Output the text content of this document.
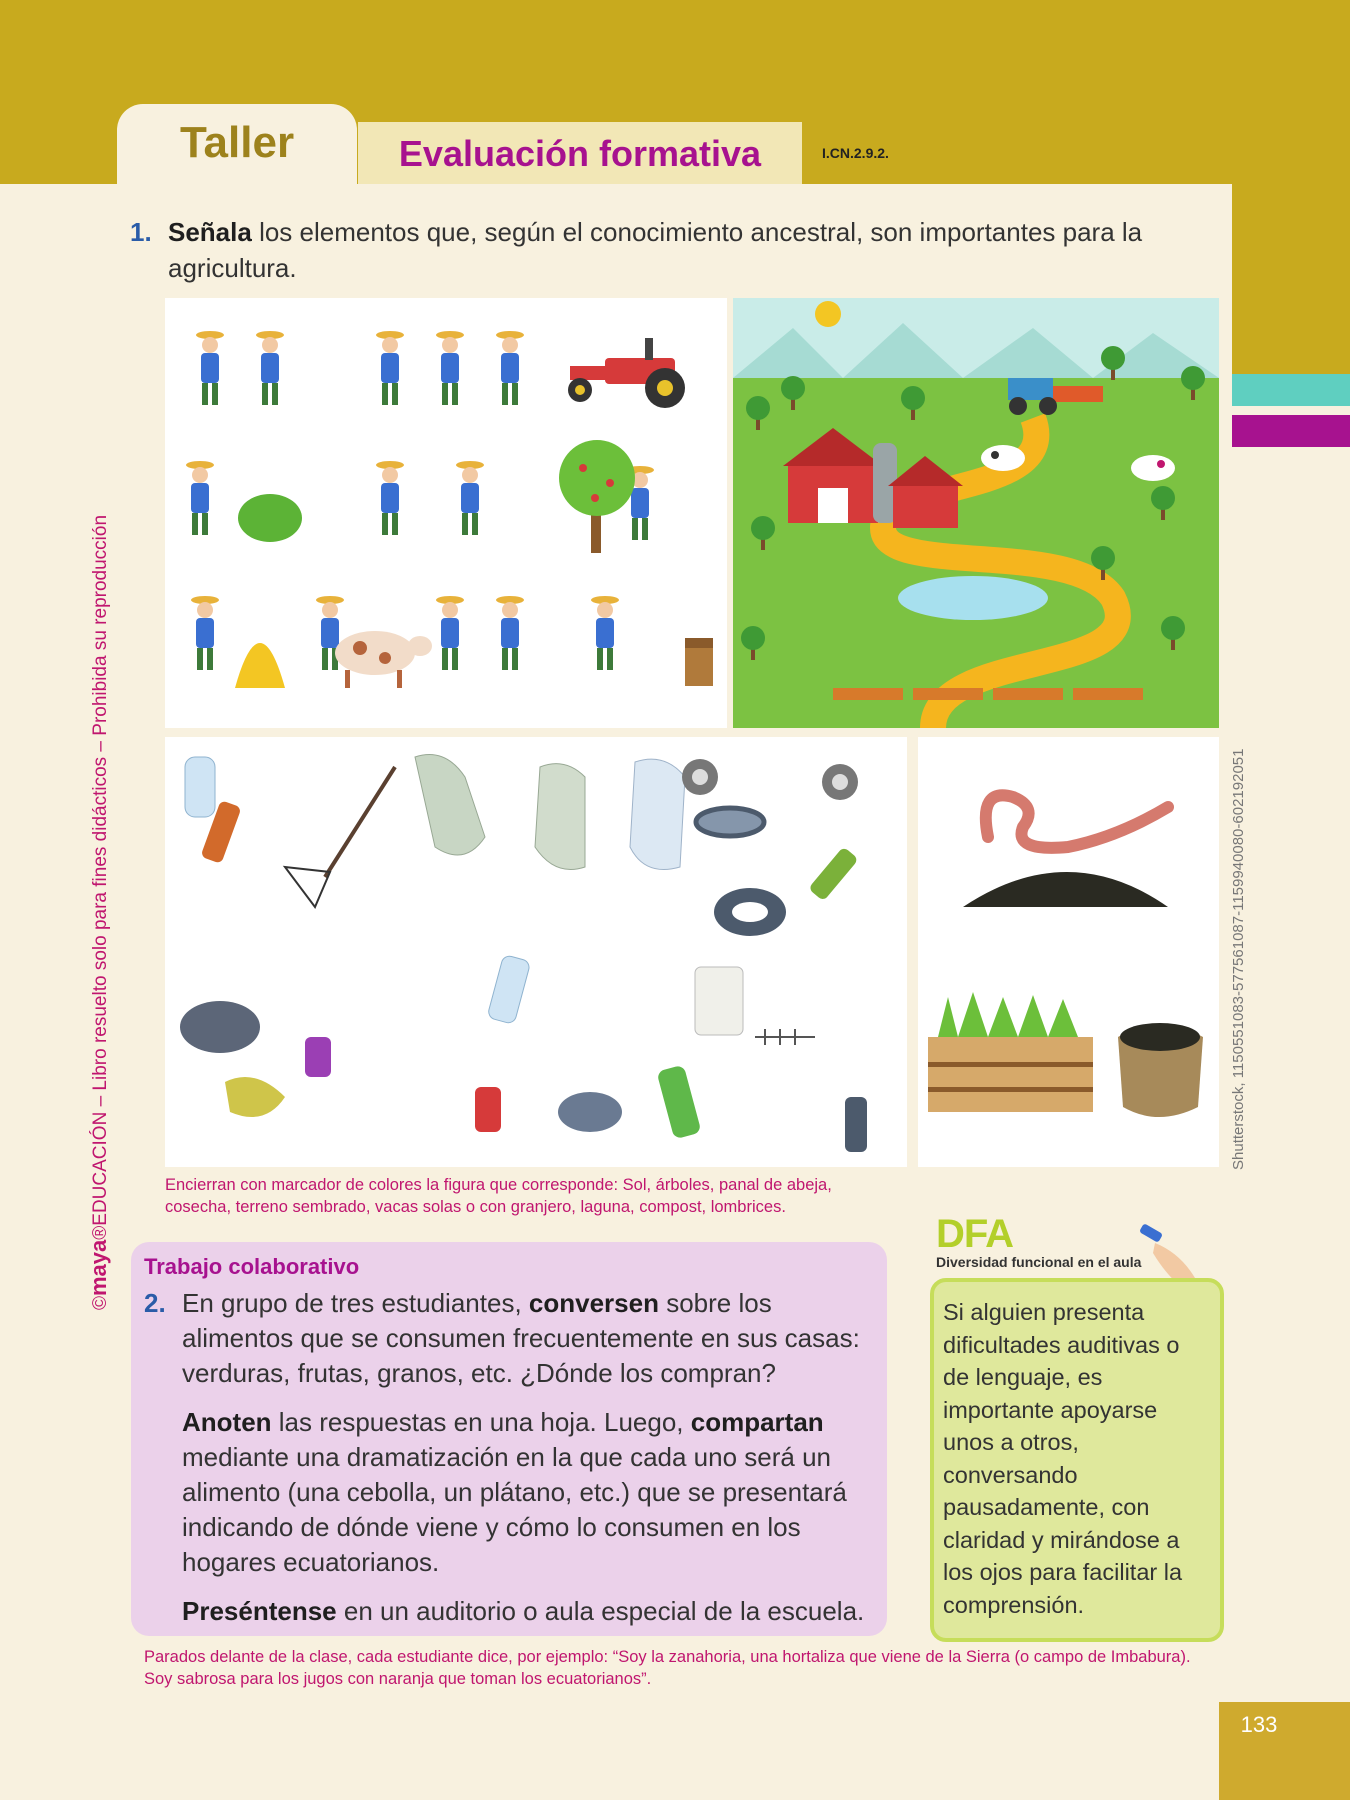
Taller	Evaluación formativa	I.CN.2.9.2.
1. Señala los elementos que, según el conocimiento ancestral, son importantes para la agricultura.
Shutterstock, 1150551083-577561087-1159940080-602192051
©maya®EDUCACIÓN – Libro resuelto solo para fines didácticos – Prohibida su reproducción	Encierran con marcador de colores la figura que corresponde: Sol, árboles, panal de abeja, cosecha, terreno sembrado, vacas solas o con granjero, laguna, compost, lombrices.
Trabajo colaborativo
2. En grupo de tres estudiantes, conversen sobre los alimentos que se consumen frecuentemente en sus casas: verduras, frutas, granos, etc. ¿Dónde los compran?

Anoten las respuestas en una hoja. Luego, compartan mediante una dramatización en la que cada uno será un alimento (una cebolla, un plátano, etc.) que se presentará indicando de dónde viene y cómo lo consumen en los hogares ecuatorianos.

Preséntense en un auditorio o aula especial de la escuela.

DFA
Diversidad funcional en el aula
Si alguien presenta dificultades auditivas o de lenguaje, es importante apoyarse unos a otros, conversando pausadamente, con claridad y mirándose a los ojos para facilitar la comprensión.
Parados delante de la clase, cada estudiante dice, por ejemplo: “Soy la zanahoria, una hortaliza que viene de la Sierra (o campo de Imbabura). Soy sabrosa para los jugos con naranja que toman los ecuatorianos”.
133
